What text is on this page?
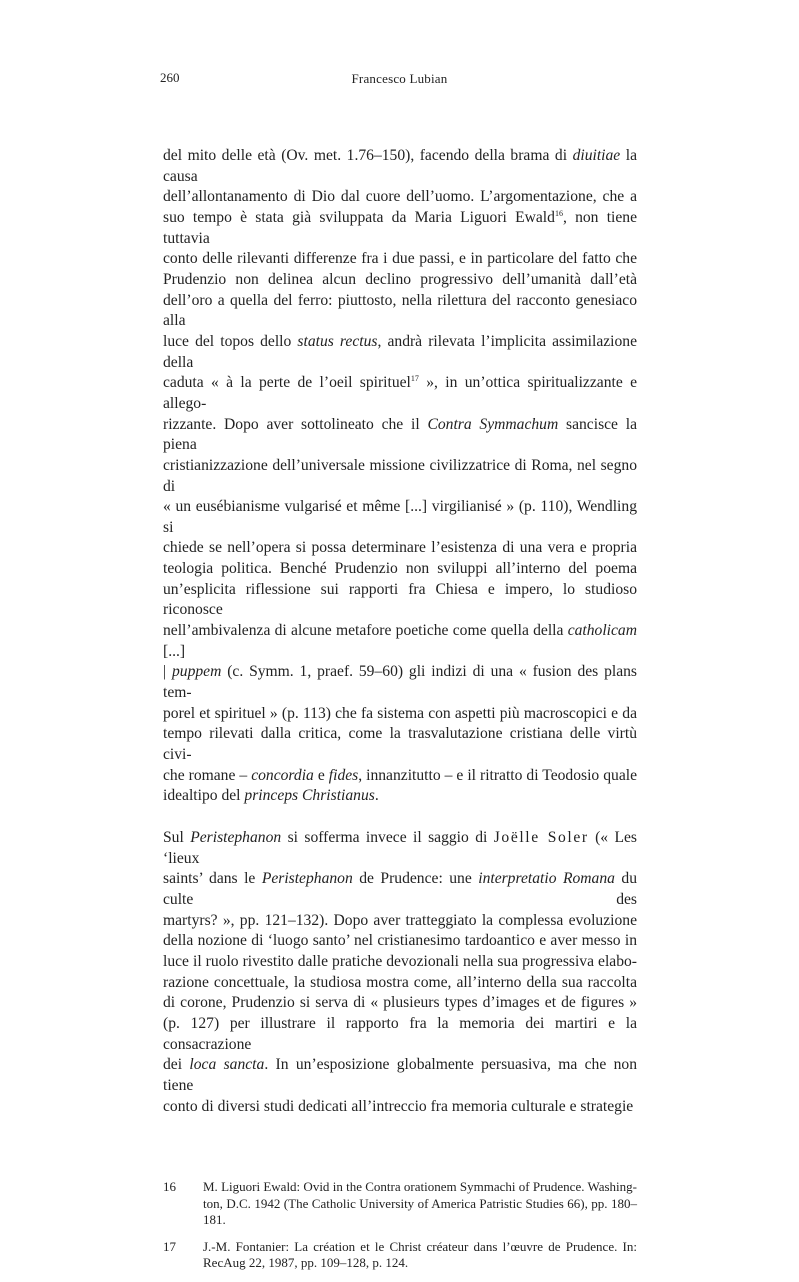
260	Francesco Lubian
del mito delle età (Ov. met. 1.76–150), facendo della brama di diuitiae la causa
dell’allontanamento di Dio dal cuore dell’uomo. L’argomentazione, che a
suo tempo è stata già sviluppata da Maria Liguori Ewald$^{16}$, non tiene tuttavia
conto delle rilevanti differenze fra i due passi, e in particolare del fatto che
Prudenzio non delinea alcun declino progressivo dell’umanità dall’età
dell’oro a quella del ferro: piuttosto, nella rilettura del racconto genesiaco alla
luce del topos dello status rectus, andrà rilevata l’implicita assimilazione della
caduta « à la perte de l’oeil spirituel$^{17}$ », in un’ottica spiritualizzante e allego-
rizzante. Dopo aver sottolineato che il Contra Symmachum sancisce la piena
cristianizzazione dell’universale missione civilizzatrice di Roma, nel segno di
« un eusébianisme vulgarisé et même [...] virgilianisé » (p. 110), Wendling si
chiede se nell’opera si possa determinare l’esistenza di una vera e propria
teologia politica. Benché Prudenzio non sviluppi all’interno del poema
un’esplicita riflessione sui rapporti fra Chiesa e impero, lo studioso riconosce
nell’ambivalenza di alcune metafore poetiche come quella della catholicam [...]
| puppem (c. Symm. 1, praef. 59–60) gli indizi di una « fusion des plans tem-
porel et spirituel » (p. 113) che fa sistema con aspetti più macroscopici e da
tempo rilevati dalla critica, come la trasvalutazione cristiana delle virtù civi-
che romane – concordia e fides, innanzitutto – e il ritratto di Teodosio quale
idealtipo del princeps Christianus.
Sul Peristephanon si sofferma invece il saggio di Joëlle Soler (« Les ‘lieux
saints’ dans le Peristephanon de Prudence: une interpretatio Romana du culte des
martyrs? », pp. 121–132). Dopo aver tratteggiato la complessa evoluzione
della nozione di ‘luogo santo’ nel cristianesimo tardoantico e aver messo in
luce il ruolo rivestito dalle pratiche devozionali nella sua progressiva elabo-
razione concettuale, la studiosa mostra come, all’interno della sua raccolta
di corone, Prudenzio si serva di « plusieurs types d’images et de figures »
(p. 127) per illustrare il rapporto fra la memoria dei martiri e la consacrazione
dei loca sancta. In un’esposizione globalmente persuasiva, ma che non tiene
conto di diversi studi dedicati all’intreccio fra memoria culturale e strategie
16 M. Liguori Ewald: Ovid in the Contra orationem Symmachi of Prudence. Washing-
ton, D.C. 1942 (The Catholic University of America Patristic Studies 66), pp. 180–
181.
17 J.-M. Fontanier: La création et le Christ créateur dans l’œuvre de Prudence. In:
RecAug 22, 1987, pp. 109–128, p. 124.
